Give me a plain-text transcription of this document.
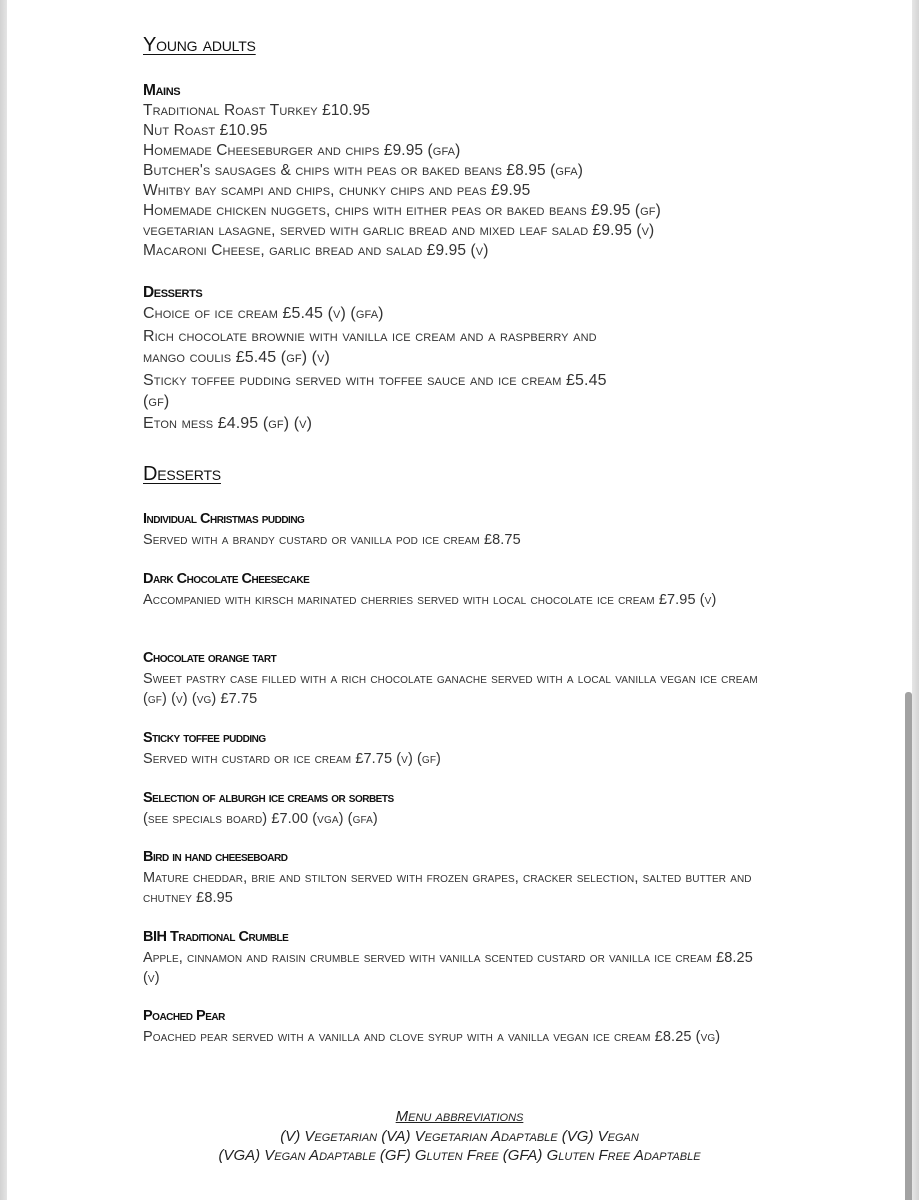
Young adults
Mains

Traditional Roast Turkey £10.95

Nut Roast £10.95

Homemade Cheeseburger and chips £9.95 (gfa)

Butcher's sausages & chips with peas or baked beans £8.95 (gfa)

Whitby bay scampi and chips, chunky chips and peas £9.95

Homemade chicken nuggets, chips with either peas or baked beans £9.95 (gf)

vegetarian lasagne, served with garlic bread and mixed leaf salad £9.95 (v)

Macaroni Cheese, garlic bread and salad £9.95 (v)

Desserts

Choice of ice cream £5.45 (v) (gfa)

Rich chocolate brownie with vanilla ice cream and a raspberry and

mango coulis £5.45 (gf) (v)

Sticky toffee pudding served with toffee sauce and ice cream £5.45

(gf)

Eton mess £4.95 (gf) (v)

Desserts

Individual Christmas pudding

Served with a brandy custard or vanilla pod ice cream £8.75

Dark Chocolate Cheesecake

Accompanied with kirsch marinated cherries served with local chocolate ice cream £7.95 (v)

Chocolate orange tart

Sweet pastry case filled with a rich chocolate ganache served with a local vanilla vegan ice cream (gf) (v) (vg) £7.75

Sticky toffee pudding

Served with custard or ice cream £7.75 (v) (gf)

Selection of alburgh ice creams or sorbets

(see specials board) £7.00 (vga) (gfa)

Bird in hand cheeseboard

Mature cheddar, brie and stilton served with frozen grapes, cracker selection, salted butter and chutney £8.95

BIH Traditional Crumble

Apple, cinnamon and raisin crumble served with vanilla scented custard or vanilla ice cream £8.25 (v)

Poached Pear

Poached pear served with a vanilla and clove syrup with a vanilla vegan ice cream £8.25 (vg)

Menu abbreviations

(V) Vegetarian (VA) Vegetarian Adaptable (VG) Vegan

(VGA) Vegan Adaptable (GF) Gluten Free (GFA) Gluten Free Adaptable
